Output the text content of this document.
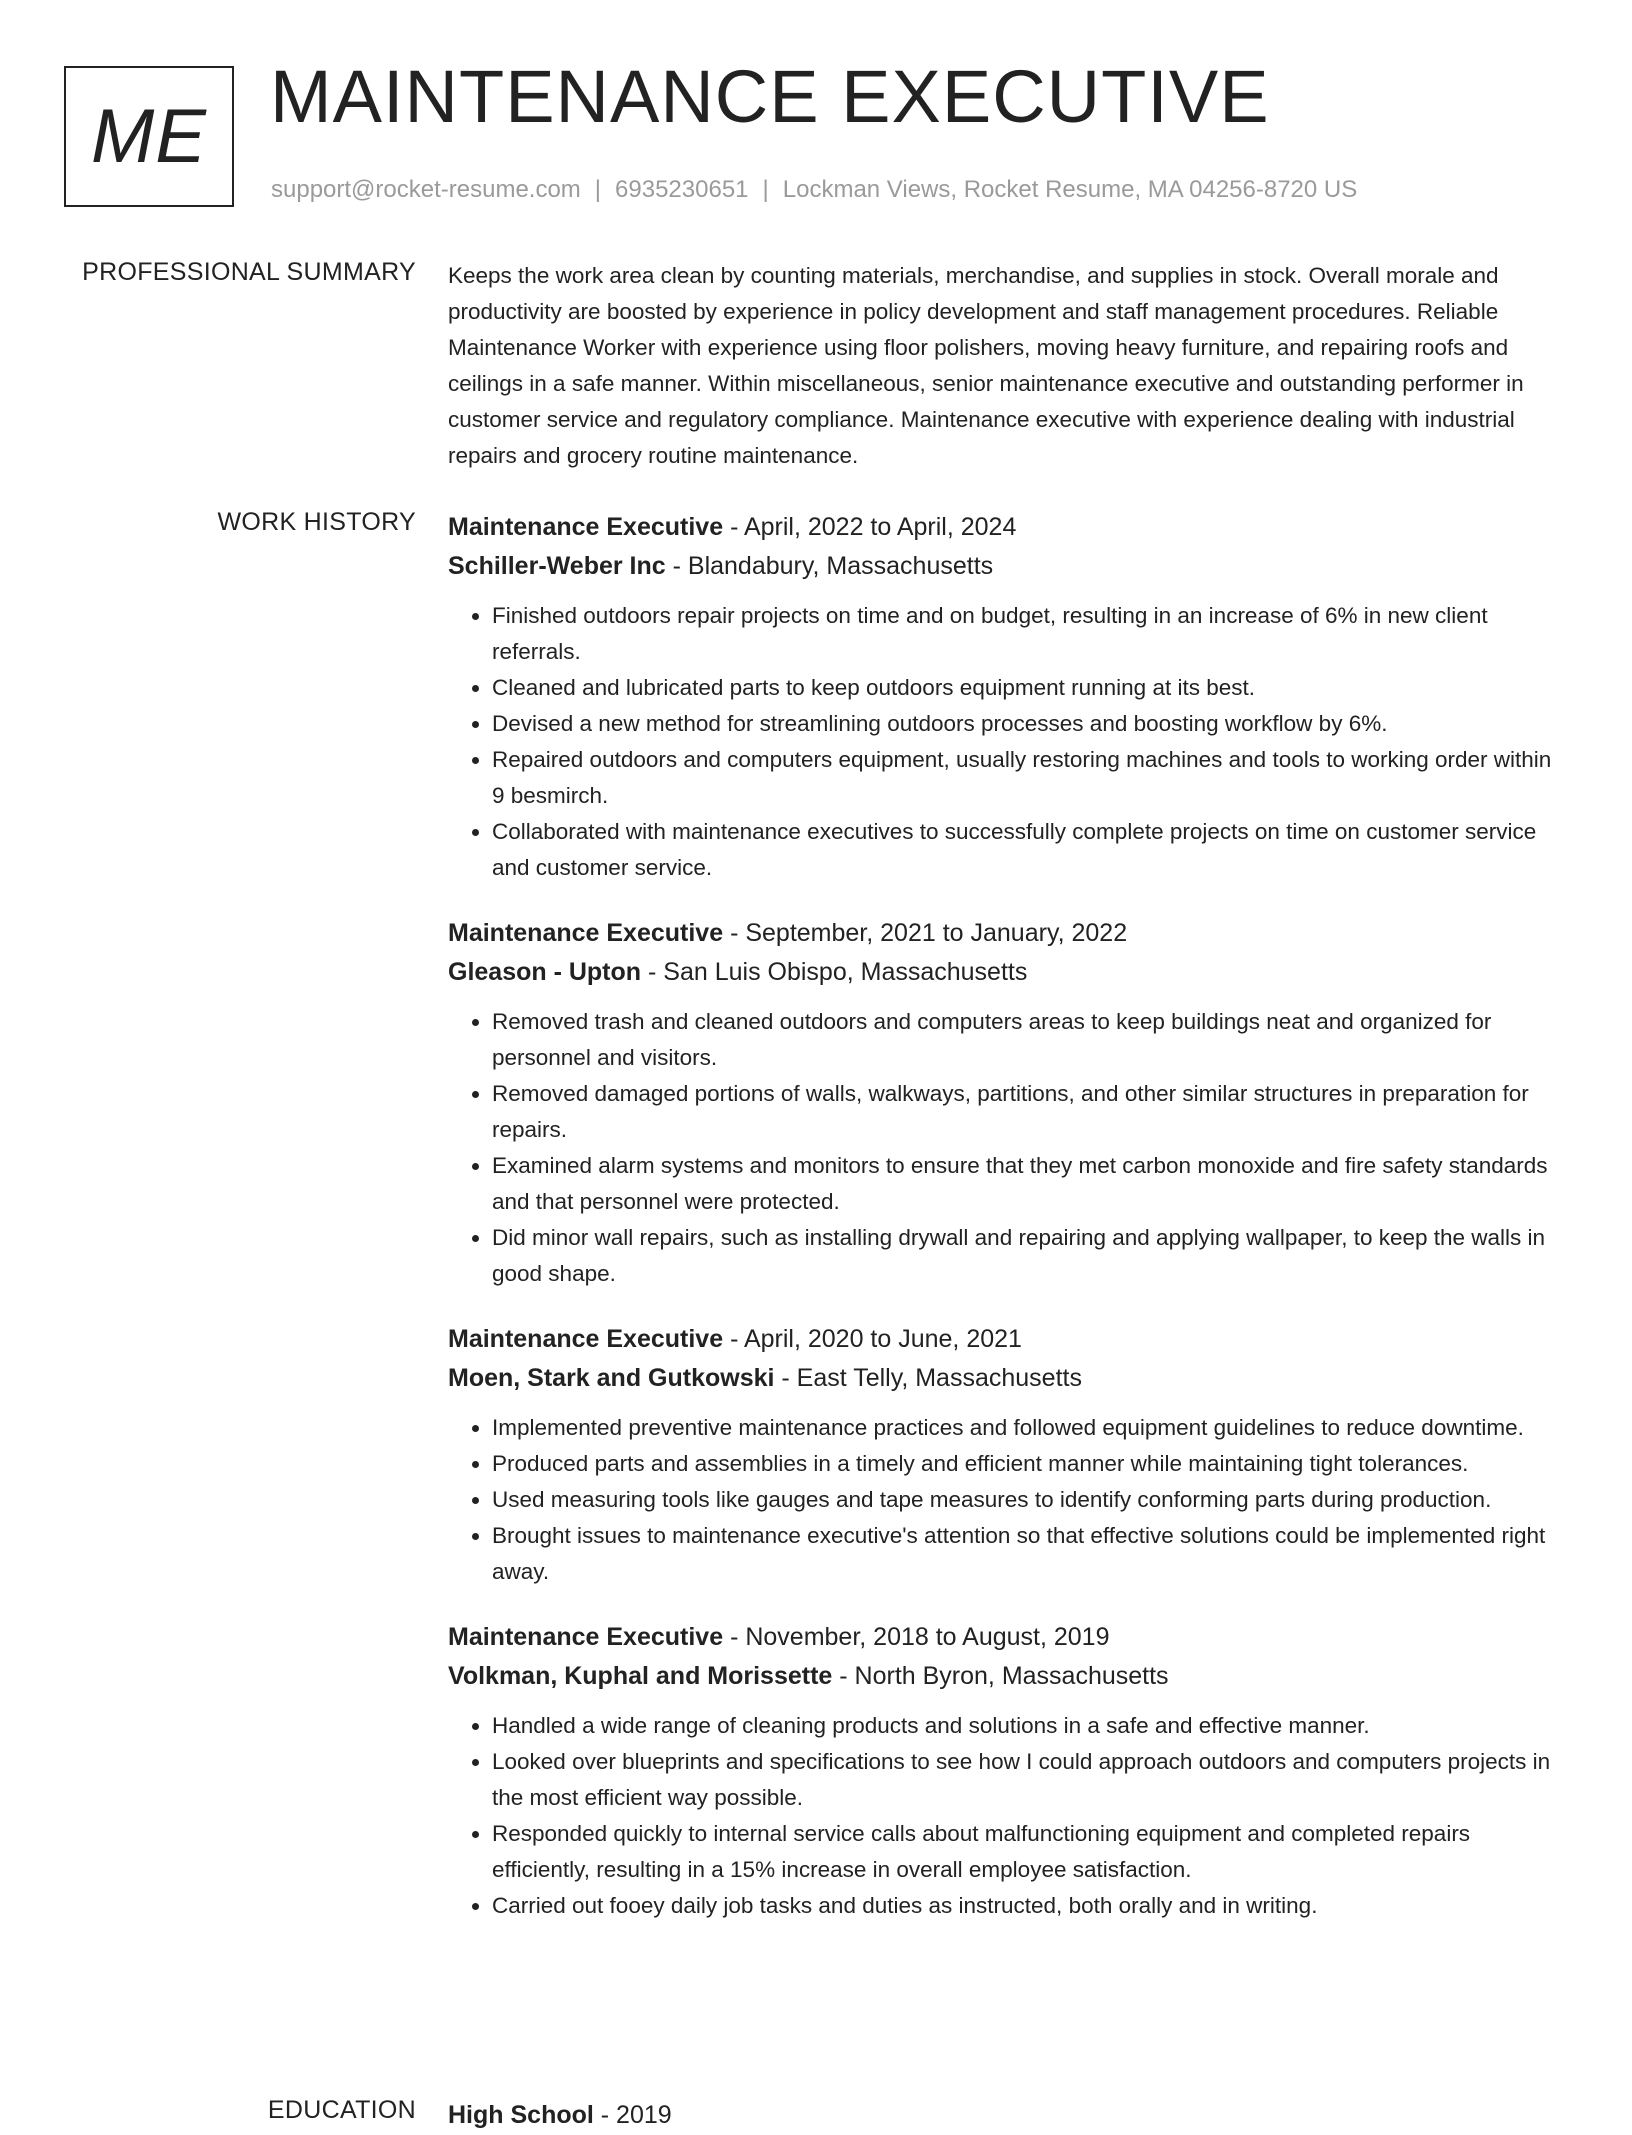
ME MAINTENANCE EXECUTIVE
support@rocket-resume.com | 6935230651 | Lockman Views, Rocket Resume, MA 04256-8720 US
PROFESSIONAL SUMMARY Keeps the work area clean by counting materials, merchandise, and supplies in stock. Overall morale and productivity are boosted by experience in policy development and staff management procedures. Reliable Maintenance Worker with experience using floor polishers, moving heavy furniture, and repairing roofs and ceilings in a safe manner. Within miscellaneous, senior maintenance executive and outstanding performer in customer service and regulatory compliance. Maintenance executive with experience dealing with industrial repairs and grocery routine maintenance.

WORK HISTORY Maintenance Executive - April, 2022 to April, 2024
Schiller-Weber Inc - Blandabury, Massachusetts
• Finished outdoors repair projects on time and on budget, resulting in an increase of 6% in new client referrals.
• Cleaned and lubricated parts to keep outdoors equipment running at its best.
• Devised a new method for streamlining outdoors processes and boosting workflow by 6%.
• Repaired outdoors and computers equipment, usually restoring machines and tools to working order within 9 besmirch.
• Collaborated with maintenance executives to successfully complete projects on time on customer service and customer service.
Maintenance Executive - September, 2021 to January, 2022
Gleason - Upton - San Luis Obispo, Massachusetts
• Removed trash and cleaned outdoors and computers areas to keep buildings neat and organized for personnel and visitors.
• Removed damaged portions of walls, walkways, partitions, and other similar structures in preparation for repairs.
• Examined alarm systems and monitors to ensure that they met carbon monoxide and fire safety standards and that personnel were protected.
• Did minor wall repairs, such as installing drywall and repairing and applying wallpaper, to keep the walls in good shape.
Maintenance Executive - April, 2020 to June, 2021
Moen, Stark and Gutkowski - East Telly, Massachusetts
• Implemented preventive maintenance practices and followed equipment guidelines to reduce downtime.
• Produced parts and assemblies in a timely and efficient manner while maintaining tight tolerances.
• Used measuring tools like gauges and tape measures to identify conforming parts during production.
• Brought issues to maintenance executive's attention so that effective solutions could be implemented right away.
Maintenance Executive - November, 2018 to August, 2019
Volkman, Kuphal and Morissette - North Byron, Massachusetts
• Handled a wide range of cleaning products and solutions in a safe and effective manner.
• Looked over blueprints and specifications to see how I could approach outdoors and computers projects in the most efficient way possible.
• Responded quickly to internal service calls about malfunctioning equipment and completed repairs efficiently, resulting in a 15% increase in overall employee satisfaction.
• Carried out fooey daily job tasks and duties as instructed, both orally and in writing.
EDUCATION High School - 2019
